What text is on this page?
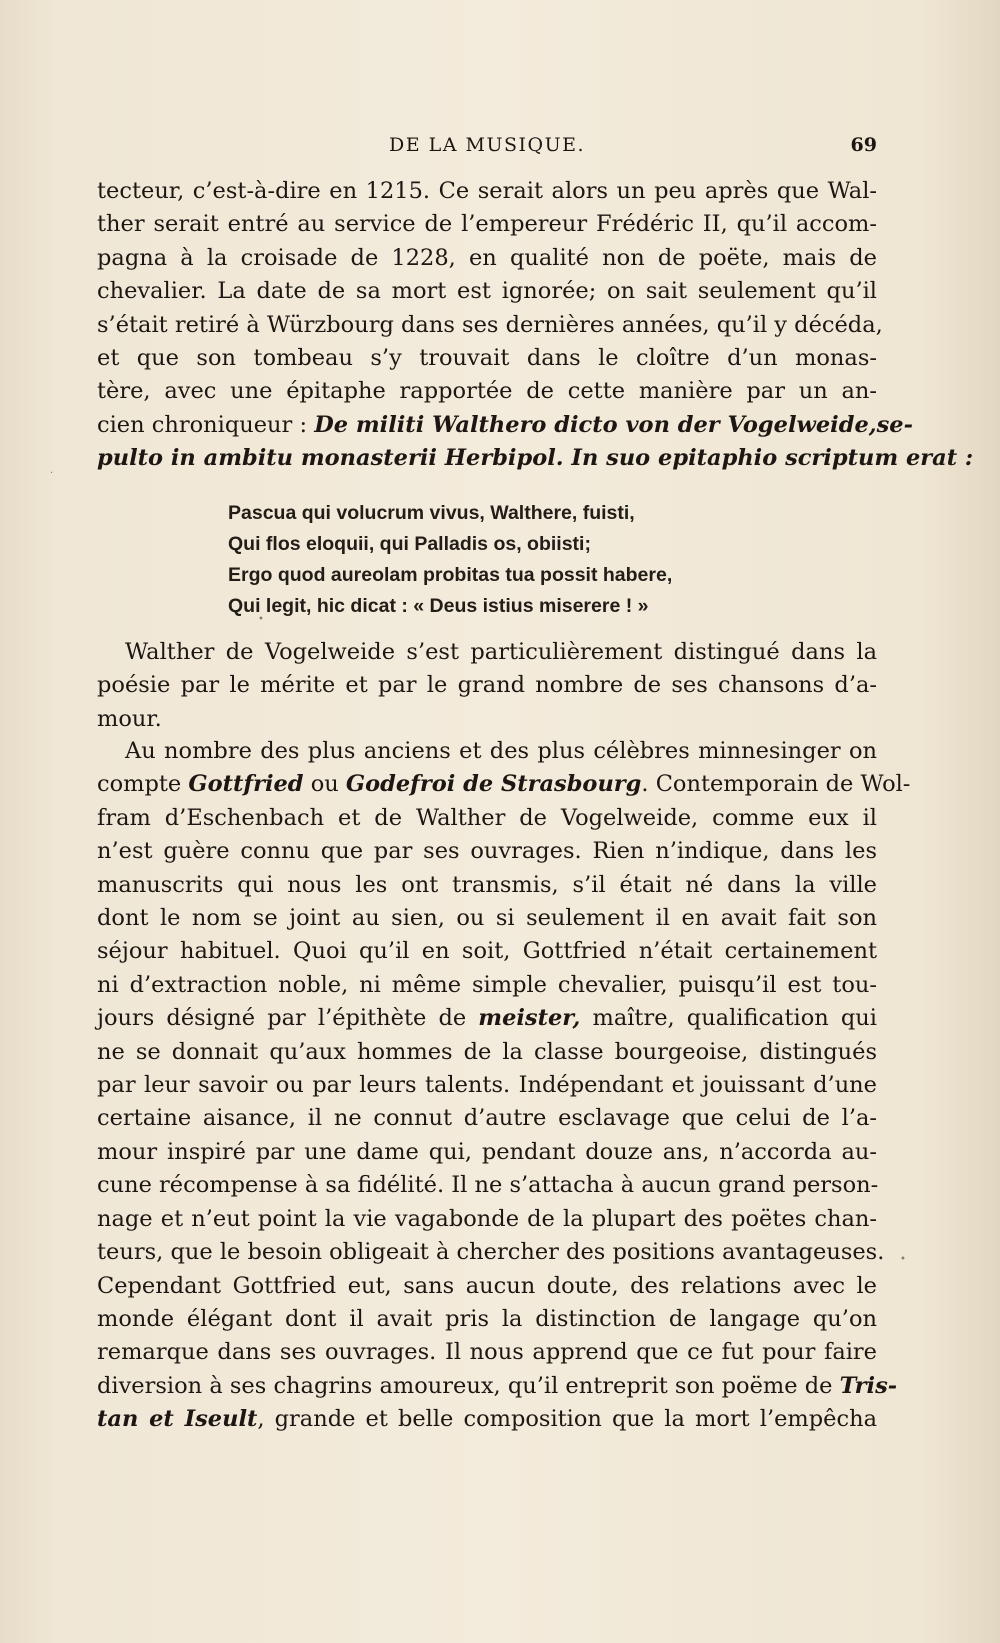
DE LA MUSIQUE.	69

tecteur, c’est-à-dire en 1215. Ce serait alors un peu après que Wal-
ther serait entré au service de l’empereur Frédéric II, qu’il accom-
pagna à la croisade de 1228, en qualité non de poëte, mais de
chevalier. La date de sa mort est ignorée; on sait seulement qu’il
s’était retiré à Würzbourg dans ses dernières années, qu’il y décéda,
et que son tombeau s’y trouvait dans le cloître d’un monas-
tère, avec une épitaphe rapportée de cette manière par un an-
cien chroniqueur : De militi Walthero dicto von der Vogelweide,se-
pulto in ambitu monasterii Herbipol. In suo epitaphio scriptum erat :

Pascua qui volucrum vivus, Walthere, fuisti,
Qui flos eloquii, qui Palladis os, obiisti;
Ergo quod aureolam probitas tua possit habere,
Qui legit, hic dicat : « Deus istius miserere ! »

Walther de Vogelweide s’est particulièrement distingué dans la
poésie par le mérite et par le grand nombre de ses chansons d’a-
mour.

Au nombre des plus anciens et des plus célèbres minnesinger on
compte Gottfried ou Godefroi de Strasbourg. Contemporain de Wol-
fram d’Eschenbach et de Walther de Vogelweide, comme eux il
n’est guère connu que par ses ouvrages. Rien n’indique, dans les
manuscrits qui nous les ont transmis, s’il était né dans la ville
dont le nom se joint au sien, ou si seulement il en avait fait son
séjour habituel. Quoi qu’il en soit, Gottfried n’était certainement
ni d’extraction noble, ni même simple chevalier, puisqu’il est tou-
jours désigné par l’épithète de meister, maître, qualification qui
ne se donnait qu’aux hommes de la classe bourgeoise, distingués
par leur savoir ou par leurs talents. Indépendant et jouissant d’une
certaine aisance, il ne connut d’autre esclavage que celui de l’a-
mour inspiré par une dame qui, pendant douze ans, n’accorda au-
cune récompense à sa fidélité. Il ne s’attacha à aucun grand person-
nage et n’eut point la vie vagabonde de la plupart des poëtes chan-
teurs, que le besoin obligeait à chercher des positions avantageuses.
Cependant Gottfried eut, sans aucun doute, des relations avec le
monde élégant dont il avait pris la distinction de langage qu’on
remarque dans ses ouvrages. Il nous apprend que ce fut pour faire
diversion à ses chagrins amoureux, qu’il entreprit son poëme de Tris-
tan et Iseult, grande et belle composition que la mort l’empêcha

•
·
•
